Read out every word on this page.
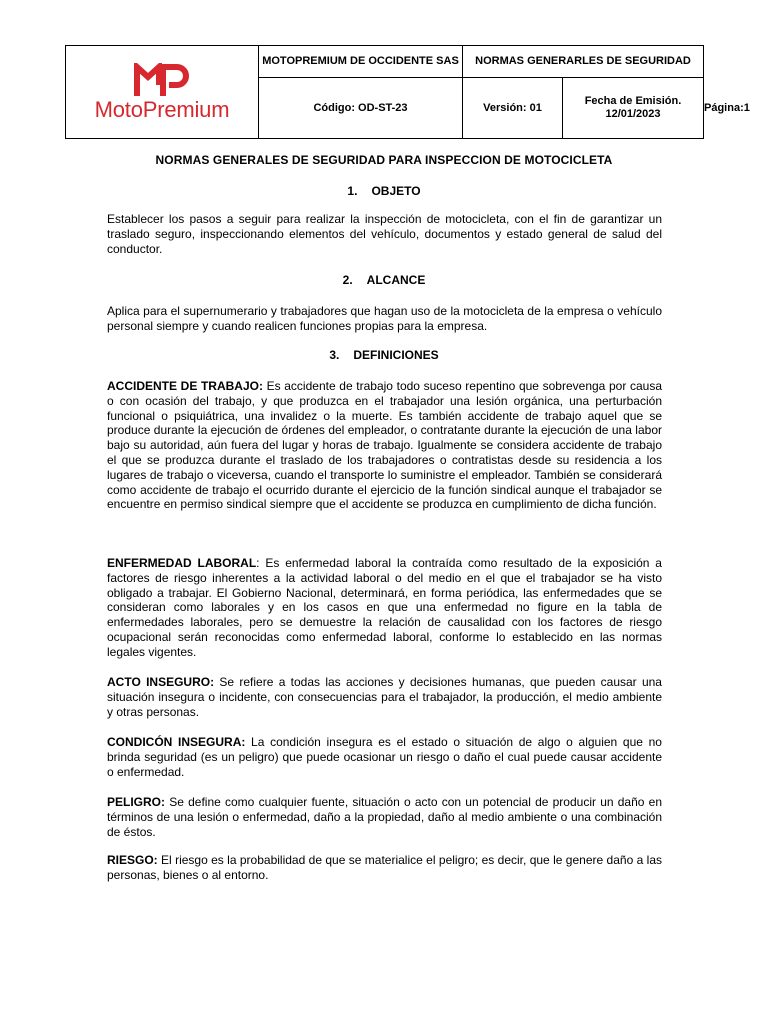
MotoPremium	MOTOPREMIUM DE OCCIDENTE SAS	NORMAS GENERARLES DE SEGURIDAD		
	Código: OD-ST-23	Versión: 01	Fecha de Emisión.
12/01/2023	Página:1
NORMAS GENERALES DE SEGURIDAD PARA INSPECCION DE MOTOCICLETA
1. OBJETO
Establecer los pasos a seguir para realizar la inspección de motocicleta, con el fin de garantizar un traslado seguro, inspeccionando elementos del vehículo, documentos y estado general de salud del conductor.
2. ALCANCE
Aplica para el supernumerario y trabajadores que hagan uso de la motocicleta de la empresa o vehículo personal siempre y cuando realicen funciones propias para la empresa.
3. DEFINICIONES
ACCIDENTE DE TRABAJO: Es accidente de trabajo todo suceso repentino que sobrevenga por causa o con ocasión del trabajo, y que produzca en el trabajador una lesión orgánica, una perturbación funcional o psiquiátrica, una invalidez o la muerte. Es también accidente de trabajo aquel que se produce durante la ejecución de órdenes del empleador, o contratante durante la ejecución de una labor bajo su autoridad, aún fuera del lugar y horas de trabajo. Igualmente se considera accidente de trabajo el que se produzca durante el traslado de los trabajadores o contratistas desde su residencia a los lugares de trabajo o viceversa, cuando el transporte lo suministre el empleador. También se considerará como accidente de trabajo el ocurrido durante el ejercicio de la función sindical aunque el trabajador se encuentre en permiso sindical siempre que el accidente se produzca en cumplimiento de dicha función.
ENFERMEDAD LABORAL: Es enfermedad laboral la contraída como resultado de la exposición a factores de riesgo inherentes a la actividad laboral o del medio en el que el trabajador se ha visto obligado a trabajar. El Gobierno Nacional, determinará, en forma periódica, las enfermedades que se consideran como laborales y en los casos en que una enfermedad no figure en la tabla de enfermedades laborales, pero se demuestre la relación de causalidad con los factores de riesgo ocupacional serán reconocidas como enfermedad laboral, conforme lo establecido en las normas legales vigentes.
ACTO INSEGURO: Se refiere a todas las acciones y decisiones humanas, que pueden causar una situación insegura o incidente, con consecuencias para el trabajador, la producción, el medio ambiente y otras personas.
CONDICÓN INSEGURA: La condición insegura es el estado o situación de algo o alguien que no brinda seguridad (es un peligro) que puede ocasionar un riesgo o daño el cual puede causar accidente o enfermedad.
PELIGRO: Se define como cualquier fuente, situación o acto con un potencial de producir un daño en términos de una lesión o enfermedad, daño a la propiedad, daño al medio ambiente o una combinación de éstos.
RIESGO: El riesgo es la probabilidad de que se materialice el peligro; es decir, que le genere daño a las personas, bienes o al entorno.
